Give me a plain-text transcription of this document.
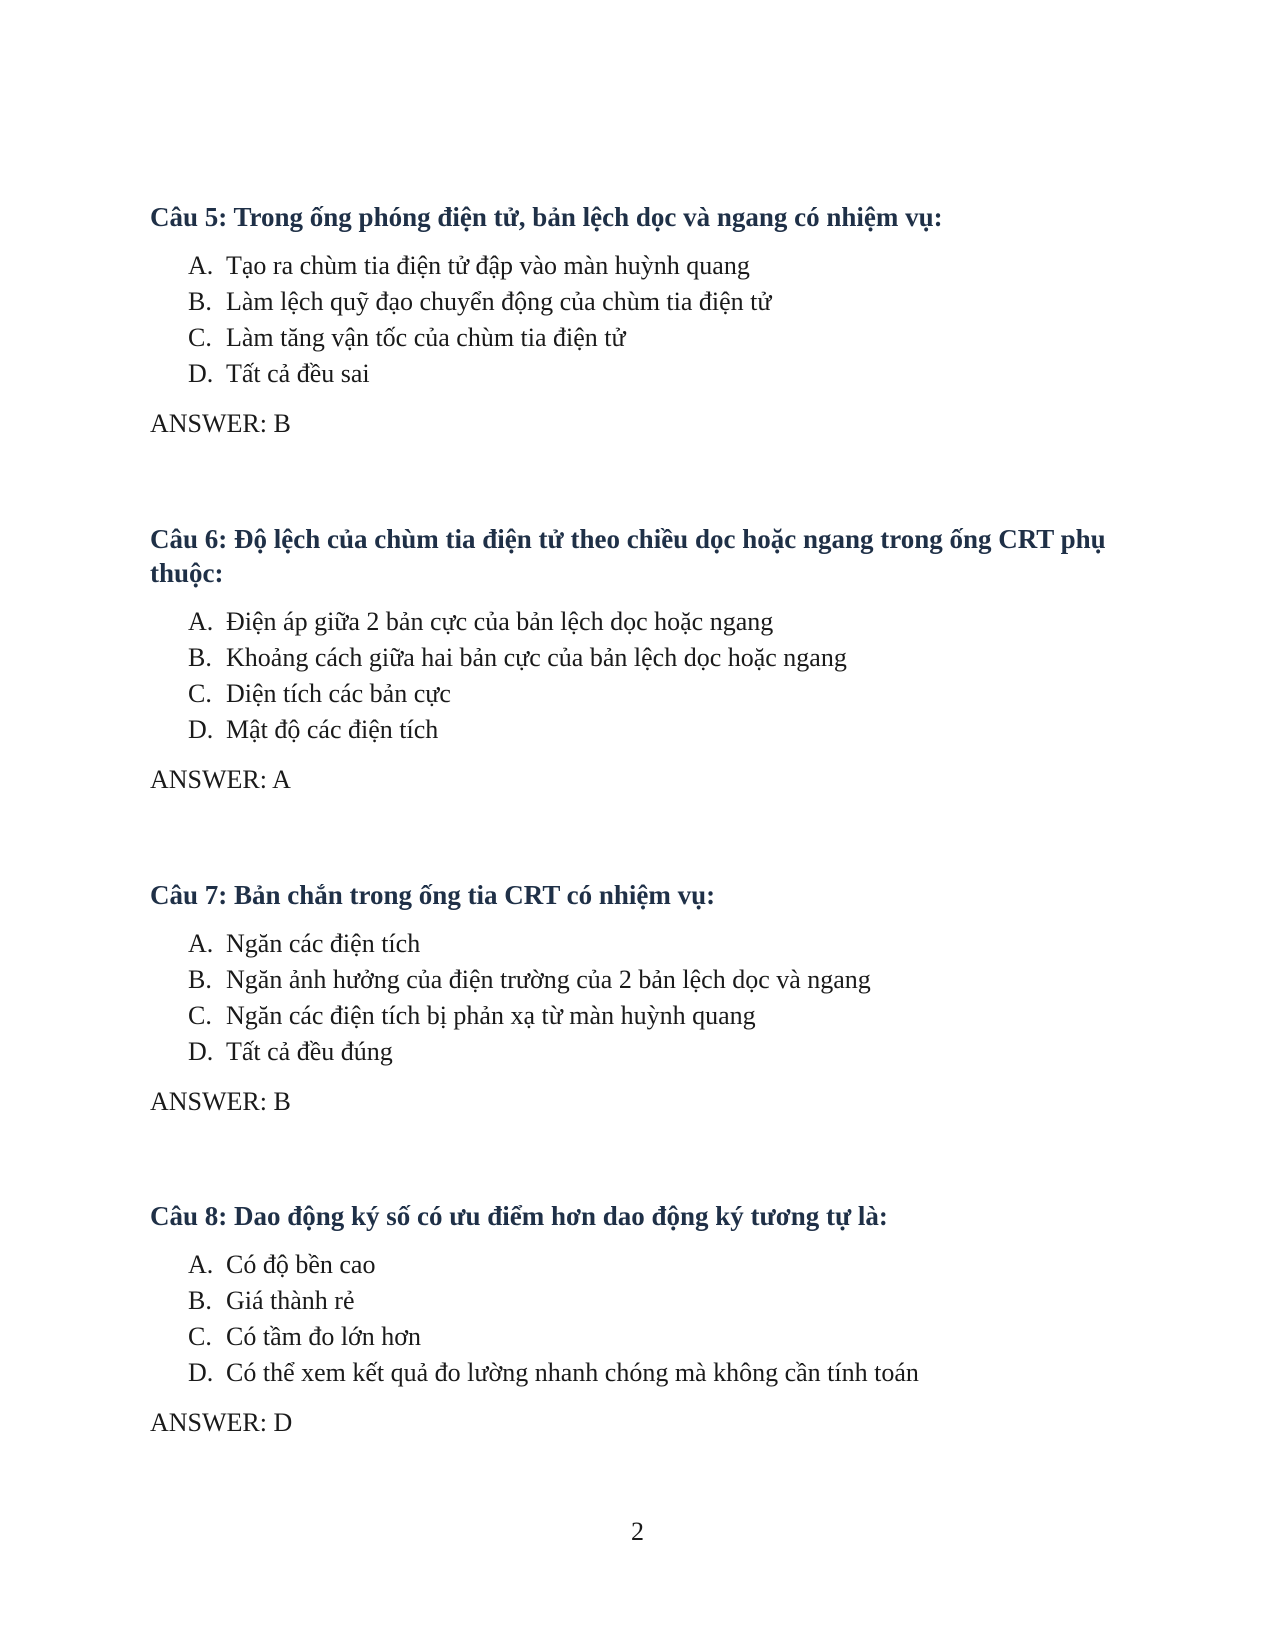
Câu 5: Trong ống phóng điện tử, bản lệch dọc và ngang có nhiệm vụ:

A. Tạo ra chùm tia điện tử đập vào màn huỳnh quang
B. Làm lệch quỹ đạo chuyển động của chùm tia điện tử
C. Làm tăng vận tốc của chùm tia điện tử
D. Tất cả đều sai

ANSWER: B

Câu 6: Độ lệch của chùm tia điện tử theo chiều dọc hoặc ngang trong ống CRT phụ thuộc:

A. Điện áp giữa 2 bản cực của bản lệch dọc hoặc ngang
B. Khoảng cách giữa hai bản cực của bản lệch dọc hoặc ngang
C. Diện tích các bản cực
D. Mật độ các điện tích

ANSWER: A

Câu 7: Bản chắn trong ống tia CRT có nhiệm vụ:

A. Ngăn các điện tích
B. Ngăn ảnh hưởng của điện trường của 2 bản lệch dọc và ngang
C. Ngăn các điện tích bị phản xạ từ màn huỳnh quang
D. Tất cả đều đúng

ANSWER: B

Câu 8: Dao động ký số có ưu điểm hơn dao động ký tương tự là:

A. Có độ bền cao
B. Giá thành rẻ
C. Có tầm đo lớn hơn
D. Có thể xem kết quả đo lường nhanh chóng mà không cần tính toán

ANSWER: D

2
